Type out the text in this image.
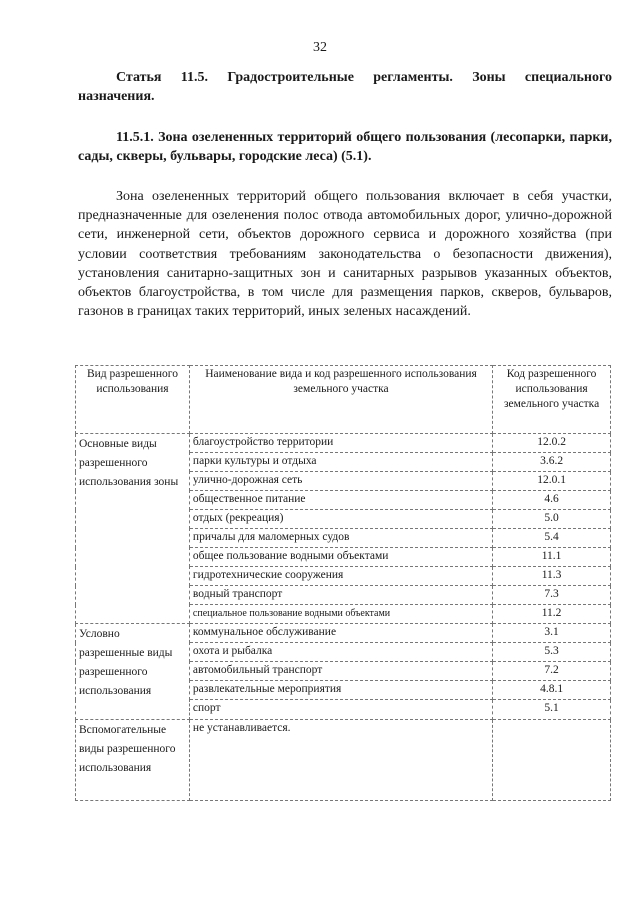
32
Статья 11.5. Градостроительные регламенты. Зоны специального назначения.
11.5.1. Зона озелененных территорий общего пользования (лесопарки, парки, сады, скверы, бульвары, городские леса) (5.1).
Зона озелененных территорий общего пользования включает в себя участки, предназначенные для озеленения полос отвода автомобильных дорог, улично-дорожной сети, инженерной сети, объектов дорожного сервиса и дорожного хозяйства (при условии соответствия требованиям законодательства о безопасности движения), установления санитарно-защитных зон и санитарных разрывов указанных объектов, объектов благоустройства, в том числе для размещения парков, скверов, бульваров, газонов в границах таких территорий, иных зеленых насаждений.
Вид разрешенного использования	Наименование вида и код разрешенного использования земельного участка	Код разрешенного использования земельного участка
Основные виды разрешенного использования зоны	благоустройство территории	12.0.2
	парки культуры и отдыха	3.6.2
	улично-дорожная сеть	12.0.1
	общественное питание	4.6
	отдых (рекреация)	5.0
	причалы для маломерных судов	5.4
	общее пользование водными объектами	11.1
	гидротехнические сооружения	11.3
	водный транспорт	7.3
	специальное пользование водными объектами	11.2
Условно разрешенные виды разрешенного использования	коммунальное обслуживание	3.1
	охота и рыбалка	5.3
	автомобильный транспорт	7.2
	развлекательные мероприятия	4.8.1
	спорт	5.1
Вспомогательные виды разрешенного использования	не устанавливается.	
